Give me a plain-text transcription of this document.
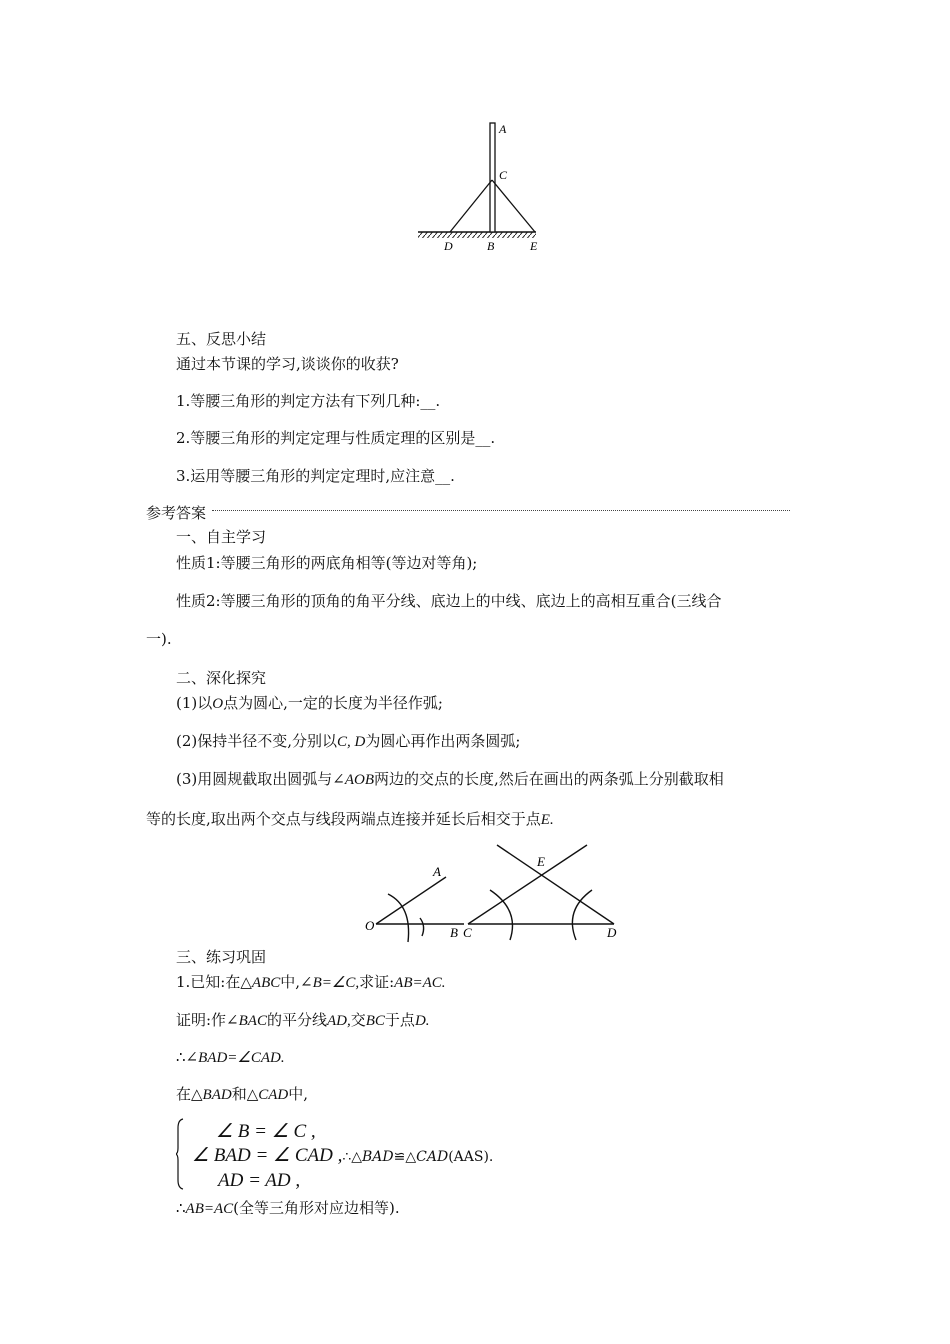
A
C
D	B	E
五、反思小结
通过本节课的学习,谈谈你的收获?
1.等腰三角形的判定方法有下列几种:__.
2.等腰三角形的判定定理与性质定理的区别是__.
3.运用等腰三角形的判定定理时,应注意__.
参考答案
一、自主学习
性质1:等腰三角形的两底角相等(等边对等角);
性质2:等腰三角形的顶角的角平分线、底边上的中线、底边上的高相互重合(三线合
一).
二、深化探究
(1)以O点为圆心,一定的长度为半径作弧;
(2)保持半径不变,分别以C, D为圆心再作出两条圆弧;
(3)用圆规截取出圆弧与∠AOB两边的交点的长度,然后在画出的两条弧上分别截取相
等的长度,取出两个交点与线段两端点连接并延长后相交于点E.
O
A
B C
E
D
三、练习巩固
1.已知:在△ABC中,∠B=∠C,求证:AB=AC.
证明:作∠BAC的平分线AD,交BC于点D.
∴∠BAD=∠CAD.
在△BAD和△CAD中,
∠ B = ∠ C ,
∠ BAD = ∠ CAD ,∴△BAD≌△CAD(AAS).
AD = AD ,
∴AB=AC(全等三角形对应边相等).
